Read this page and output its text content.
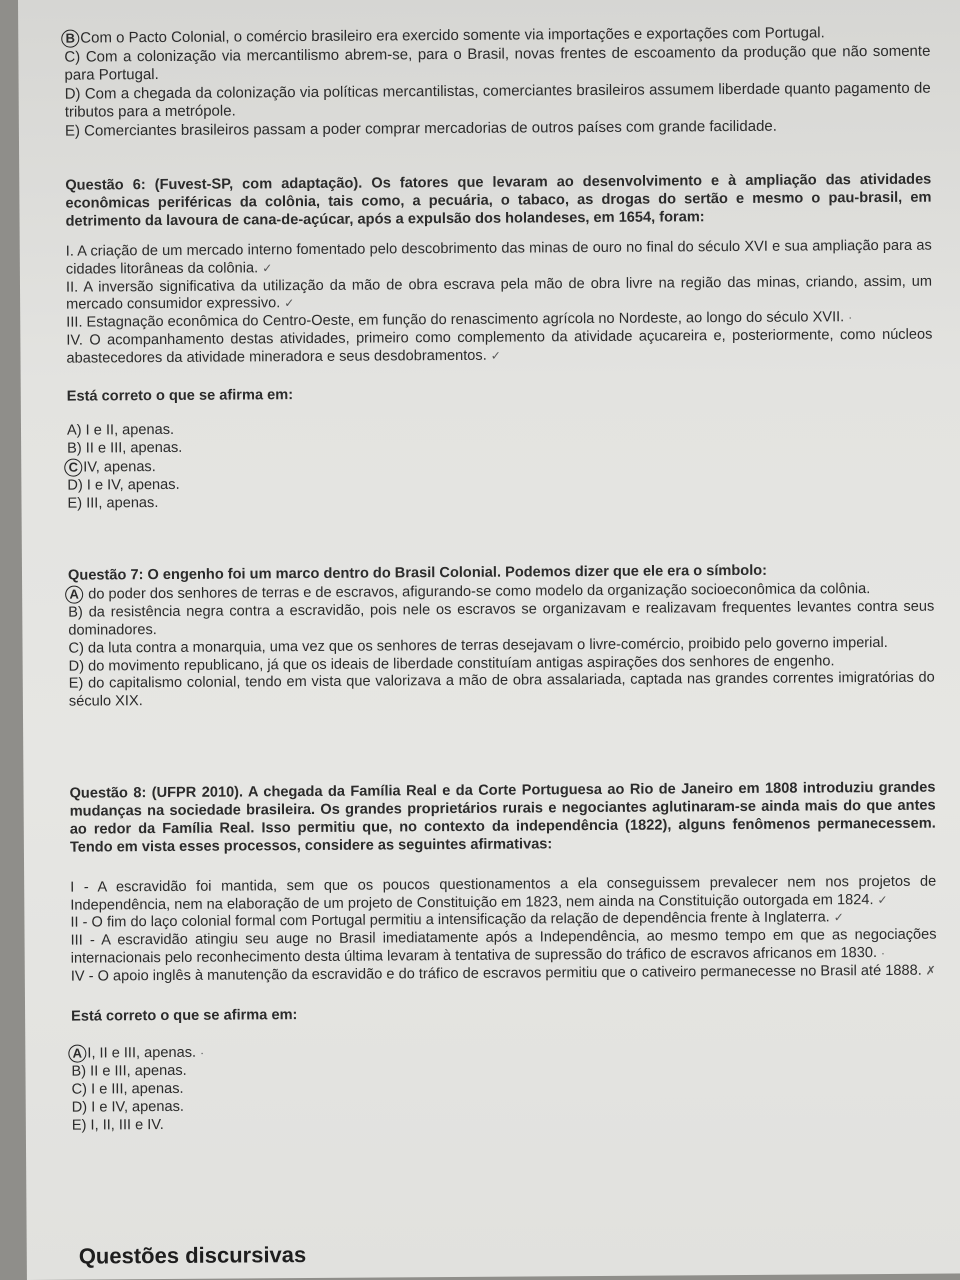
B Com o Pacto Colonial, o comércio brasileiro era exercido somente via importações e exportações com Portugal.
C) Com a colonização via mercantilismo abrem-se, para o Brasil, novas frentes de escoamento da produção que não somente para Portugal.
D) Com a chegada da colonização via políticas mercantilistas, comerciantes brasileiros assumem liberdade quanto pagamento de tributos para a metrópole.
E) Comerciantes brasileiros passam a poder comprar mercadorias de outros países com grande facilidade.
Questão 6: (Fuvest-SP, com adaptação). Os fatores que levaram ao desenvolvimento e à ampliação das atividades econômicas periféricas da colônia, tais como, a pecuária, o tabaco, as drogas do sertão e mesmo o pau-brasil, em detrimento da lavoura de cana-de-açúcar, após a expulsão dos holandeses, em 1654, foram:
I. A criação de um mercado interno fomentado pelo descobrimento das minas de ouro no final do século XVI e sua ampliação para as cidades litorâneas da colônia. ✓
II. A inversão significativa da utilização da mão de obra escrava pela mão de obra livre na região das minas, criando, assim, um mercado consumidor expressivo. ✓
III. Estagnação econômica do Centro-Oeste, em função do renascimento agrícola no Nordeste, ao longo do século XVII. ·
IV. O acompanhamento destas atividades, primeiro como complemento da atividade açucareira e, posteriormente, como núcleos abastecedores da atividade mineradora e seus desdobramentos. ✓
Está correto o que se afirma em:
A) I e II, apenas.
B) II e III, apenas.
C IV, apenas.
D) I e IV, apenas.
E) III, apenas.
Questão 7: O engenho foi um marco dentro do Brasil Colonial. Podemos dizer que ele era o símbolo:
A do poder dos senhores de terras e de escravos, afigurando-se como modelo da organização socioeconômica da colônia.
B) da resistência negra contra a escravidão, pois nele os escravos se organizavam e realizavam frequentes levantes contra seus dominadores.
C) da luta contra a monarquia, uma vez que os senhores de terras desejavam o livre-comércio, proibido pelo governo imperial.
D) do movimento republicano, já que os ideais de liberdade constituíam antigas aspirações dos senhores de engenho.
E) do capitalismo colonial, tendo em vista que valorizava a mão de obra assalariada, captada nas grandes correntes imigratórias do século XIX.
Questão 8: (UFPR 2010). A chegada da Família Real e da Corte Portuguesa ao Rio de Janeiro em 1808 introduziu grandes mudanças na sociedade brasileira. Os grandes proprietários rurais e negociantes aglutinaram-se ainda mais do que antes ao redor da Família Real. Isso permitiu que, no contexto da independência (1822), alguns fenômenos permanecessem. Tendo em vista esses processos, considere as seguintes afirmativas:
I - A escravidão foi mantida, sem que os poucos questionamentos a ela conseguissem prevalecer nem nos projetos de Independência, nem na elaboração de um projeto de Constituição em 1823, nem ainda na Constituição outorgada em 1824. ✓
II - O fim do laço colonial formal com Portugal permitiu a intensificação da relação de dependência frente à Inglaterra. ✓
III - A escravidão atingiu seu auge no Brasil imediatamente após a Independência, ao mesmo tempo em que as negociações internacionais pelo reconhecimento desta última levaram à tentativa de supressão do tráfico de escravos africanos em 1830. ·
IV - O apoio inglês à manutenção da escravidão e do tráfico de escravos permitiu que o cativeiro permanecesse no Brasil até 1888. ✗
Está correto o que se afirma em:
A I, II e III, apenas. ·
B) II e III, apenas.
C) I e III, apenas.
D) I e IV, apenas.
E) I, II, III e IV.
Questões discursivas
